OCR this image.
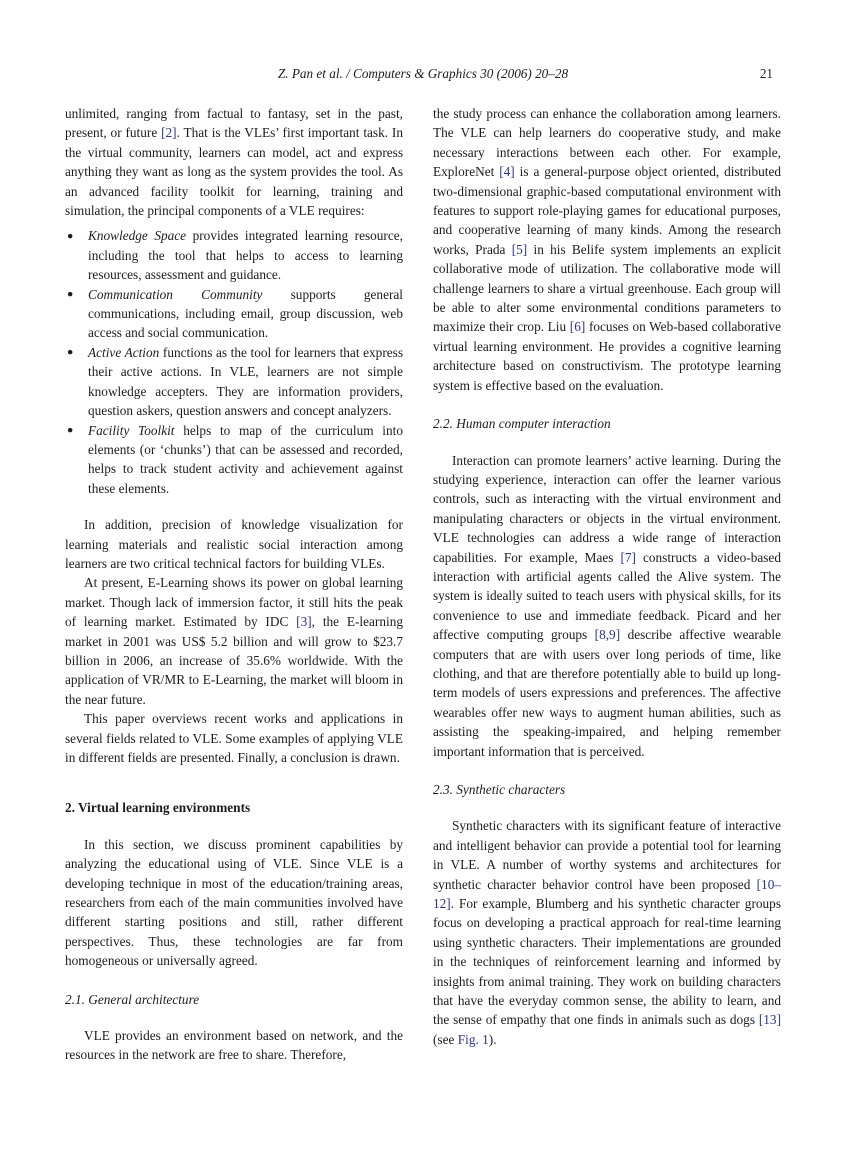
Z. Pan et al. / Computers & Graphics 30 (2006) 20–28	21

unlimited, ranging from factual to fantasy, set in the past, present, or future [2]. That is the VLEs’ first important task. In the virtual community, learners can model, act and express anything they want as long as the system provides the tool. As an advanced facility toolkit for learning, training and simulation, the principal components of a VLE requires:

● Knowledge Space provides integrated learning resource, including the tool that helps to access to learning resources, assessment and guidance.
● Communication Community supports general communications, including email, group discussion, web access and social communication.
● Active Action functions as the tool for learners that express their active actions. In VLE, learners are not simple knowledge accepters. They are information providers, question askers, question answers and concept analyzers.
● Facility Toolkit helps to map of the curriculum into elements (or ‘chunks’) that can be assessed and recorded, helps to track student activity and achievement against these elements.

In addition, precision of knowledge visualization for learning materials and realistic social interaction among learners are two critical technical factors for building VLEs.

At present, E-Learning shows its power on global learning market. Though lack of immersion factor, it still hits the peak of learning market. Estimated by IDC [3], the E-learning market in 2001 was US$ 5.2 billion and will grow to $23.7 billion in 2006, an increase of 35.6% worldwide. With the application of VR/MR to E-Learning, the market will bloom in the near future.

This paper overviews recent works and applications in several fields related to VLE. Some examples of applying VLE in different fields are presented. Finally, a conclusion is drawn.

2. Virtual learning environments

In this section, we discuss prominent capabilities by analyzing the educational using of VLE. Since VLE is a developing technique in most of the education/training areas, researchers from each of the main communities involved have different starting positions and still, rather different perspectives. Thus, these technologies are far from homogeneous or universally agreed.

2.1. General architecture

VLE provides an environment based on network, and the resources in the network are free to share. Therefore,

the study process can enhance the collaboration among learners. The VLE can help learners do cooperative study, and make necessary interactions between each other. For example, ExploreNet [4] is a general-purpose object oriented, distributed two-dimensional graphic-based computational environment with features to support role-playing games for educational purposes, and cooperative learning of many kinds. Among the research works, Prada [5] in his Belife system implements an explicit collaborative mode of utilization. The collaborative mode will challenge learners to share a virtual greenhouse. Each group will be able to alter some environmental conditions parameters to maximize their crop. Liu [6] focuses on Web-based collaborative virtual learning environment. He provides a cognitive learning architecture based on constructivism. The prototype learning system is effective based on the evaluation.

2.2. Human computer interaction

Interaction can promote learners’ active learning. During the studying experience, interaction can offer the learner various controls, such as interacting with the virtual environment and manipulating characters or objects in the virtual environment. VLE technologies can address a wide range of interaction capabilities. For example, Maes [7] constructs a video-based interaction with artificial agents called the Alive system. The system is ideally suited to teach users with physical skills, for its convenience to use and immediate feedback. Picard and her affective computing groups [8,9] describe affective wearable computers that are with users over long periods of time, like clothing, and that are therefore potentially able to build up long-term models of users expressions and preferences. The affective wearables offer new ways to augment human abilities, such as assisting the speaking-impaired, and helping remember important information that is perceived.

2.3. Synthetic characters

Synthetic characters with its significant feature of interactive and intelligent behavior can provide a potential tool for learning in VLE. A number of worthy systems and architectures for synthetic character behavior control have been proposed [10–12]. For example, Blumberg and his synthetic character groups focus on developing a practical approach for real-time learning using synthetic characters. Their implementations are grounded in the techniques of reinforcement learning and informed by insights from animal training. They work on building characters that have the everyday common sense, the ability to learn, and the sense of empathy that one finds in animals such as dogs [13] (see Fig. 1).
